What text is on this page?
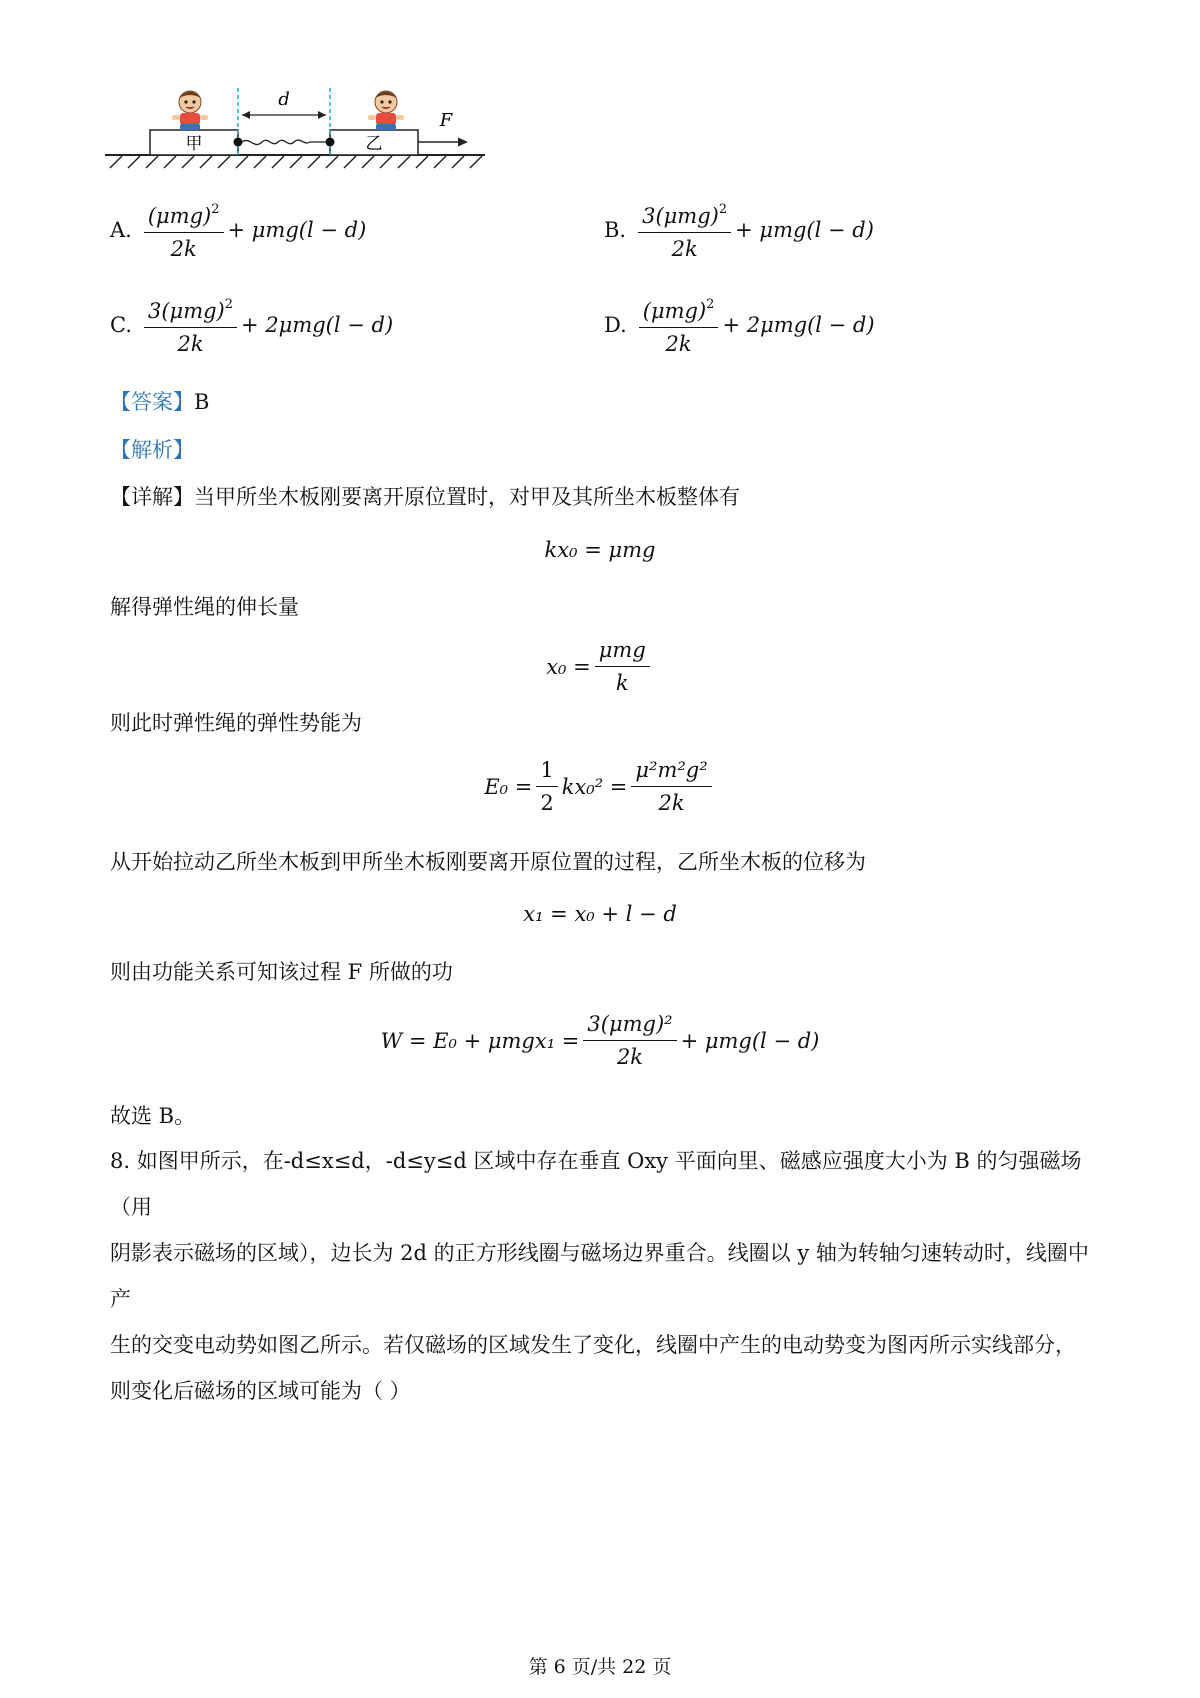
甲	乙
d
F
A. $\frac{(\mu mg)^2}{2k} + \mu mg(l - d)$	B. $\frac{3(\mu mg)^2}{2k} + \mu mg(l - d)$
C. $\frac{3(\mu mg)^2}{2k} + 2\mu mg(l - d)$	D. $\frac{(\mu mg)^2}{2k} + 2\mu mg(l - d)$
【答案】B
【解析】
【详解】当甲所坐木板刚要离开原位置时，对甲及其所坐木板整体有
kx₀ = μmg
解得弹性绳的伸长量
$x_0 = \frac{\text{μmg}}{k}$
则此时弹性绳的弹性势能为
$E_0 = \frac{1}{2} kx_0^2 = \frac{\text{μ²m²g²}}{2k}$
从开始拉动乙所坐木板到甲所坐木板刚要离开原位置的过程，乙所坐木板的位移为
x₁ = x₀ + l − d
则由功能关系可知该过程 F 所做的功
$W = E_0 + \mu mgx_1 = \frac{\text{3(μmg)²}}{2k} + \mu mg(l - d)$
故选 B。
8. 如图甲所示，在-d≤x≤d，-d≤y≤d 区域中存在垂直 Oxy 平面向里、磁感应强度大小为 B 的匀强磁场（用
阴影表示磁场的区域），边长为 2d 的正方形线圈与磁场边界重合。线圈以 y 轴为转轴匀速转动时，线圈中产
生的交变电动势如图乙所示。若仅磁场的区域发生了变化，线圈中产生的电动势变为图丙所示实线部分，
则变化后磁场的区域可能为（ ）
第 6 页/共 22 页
